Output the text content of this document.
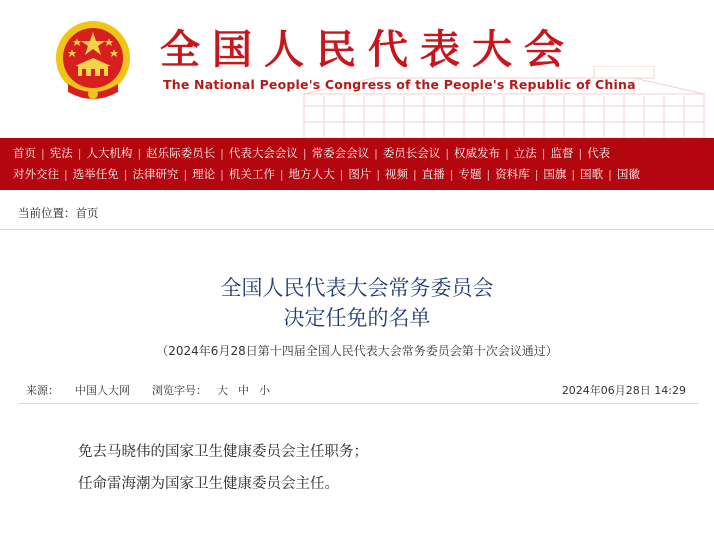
全国人民代表大会
The National People's Congress of the People's Republic of China
首页 | 宪法 | 人大机构 | 赵乐际委员长 | 代表大会会议 | 常委会会议 | 委员长会议 | 权威发布 | 立法 | 监督 | 代表
对外交往 | 选举任免 | 法律研究 | 理论 | 机关工作 | 地方人大 | 图片 | 视频 | 直播 | 专题 | 资料库 | 国旗 | 国歌 | 国徽
当前位置： 首页
全国人民代表大会常务委员会
决定任免的名单
（2024年6月28日第十四届全国人民代表大会常务委员会第十次会议通过）
来源： 中国人大网 浏览字号： 大 中 小	2024年06月28日 14:29
免去马晓伟的国家卫生健康委员会主任职务；
任命雷海潮为国家卫生健康委员会主任。
